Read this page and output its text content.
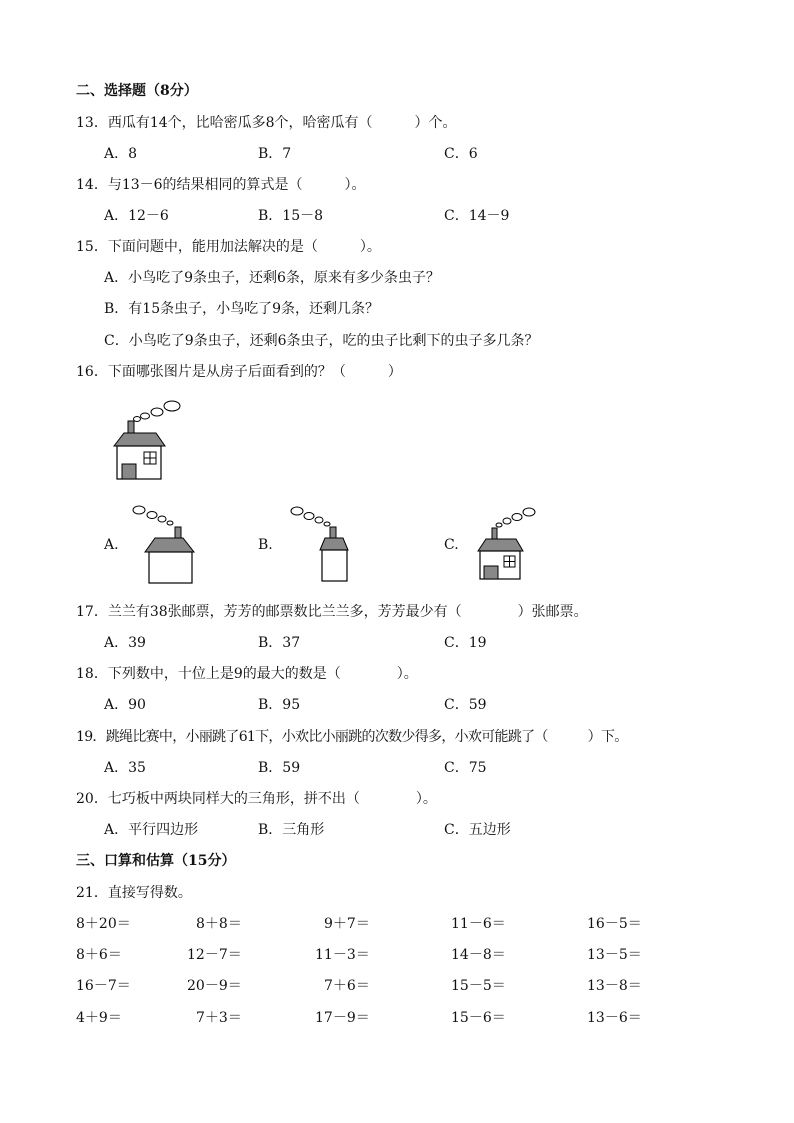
二、选择题（8分）
13．西瓜有14个，比哈密瓜多8个，哈密瓜有（　　　）个。
A．8	B．7	C．6
14．与13－6的结果相同的算式是（　　　）。
A．12－6	B．15－8	C．14－9
15．下面问题中，能用加法解决的是（　　　）。
A．小鸟吃了9条虫子，还剩6条，原来有多少条虫子？
B．有15条虫子，小鸟吃了9条，还剩几条？
C．小鸟吃了9条虫子，还剩6条虫子，吃的虫子比剩下的虫子多几条？
16．下面哪张图片是从房子后面看到的？（　　　）
A.	B.	C.
17．兰兰有38张邮票，芳芳的邮票数比兰兰多，芳芳最少有（　　　　）张邮票。
A．39	B．37	C．19
18．下列数中，十位上是9的最大的数是（　　　　）。
A．90	B．95	C．59
19．跳绳比赛中，小丽跳了61下，小欢比小丽跳的次数少得多，小欢可能跳了（　　　）下。
A．35	B．59	C．75
20．七巧板中两块同样大的三角形，拼不出（　　　　）。
A．平行四边形	B．三角形	C．五边形
三、口算和估算（15分）
21．直接写得数。
8＋20＝	8＋8＝	9＋7＝	11－6＝	16－5＝
8＋6＝	12－7＝	11－3＝	14－8＝	13－5＝
16－7＝	20－9＝	7＋6＝	15－5＝	13－8＝
4＋9＝	7＋3＝	17－9＝	15－6＝	13－6＝
